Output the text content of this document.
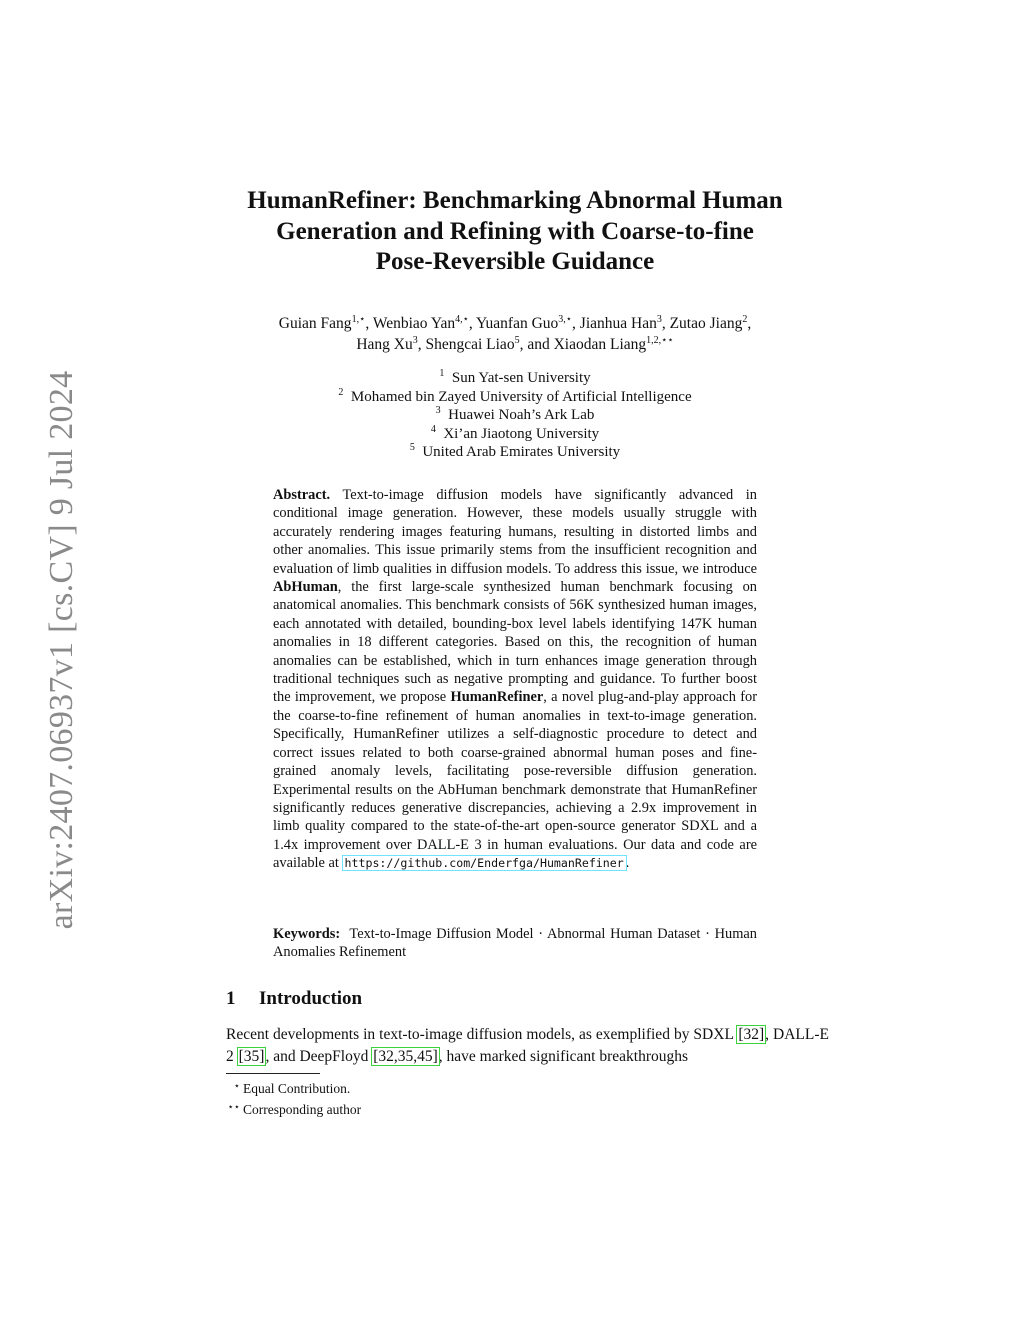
arXiv:2407.06937v1 [cs.CV] 9 Jul 2024
HumanRefiner: Benchmarking Abnormal Human
Generation and Refining with Coarse-to-fine
Pose-Reversible Guidance
Guian Fang$^{1,⋆}$, Wenbiao Yan$^{4,⋆}$, Yuanfan Guo$^{3,⋆}$, Jianhua Han$^3$, Zutao Jiang$^2$,
Hang Xu$^3$, Shengcai Liao$^5$, and Xiaodan Liang$^{1,2,⋆⋆}$
$^1$ Sun Yat-sen University
$^2$ Mohamed bin Zayed University of Artificial Intelligence
$^3$ Huawei Noah’s Ark Lab
$^4$ Xi’an Jiaotong University
$^5$ United Arab Emirates University
Abstract. Text-to-image diffusion models have significantly advanced in conditional image generation. However, these models usually struggle with accurately rendering images featuring humans, resulting in distorted limbs and other anomalies. This issue primarily stems from the insufficient recognition and evaluation of limb qualities in diffusion models. To address this issue, we introduce AbHuman, the first large-scale synthesized human benchmark focusing on anatomical anomalies. This benchmark consists of 56K synthesized human images, each annotated with detailed, bounding-box level labels identifying 147K human anomalies in 18 different categories. Based on this, the recognition of human anomalies can be established, which in turn enhances image generation through traditional techniques such as negative prompting and guidance. To further boost the improvement, we propose HumanRefiner, a novel plug-and-play approach for the coarse-to-fine refinement of human anomalies in text-to-image generation. Specifically, HumanRefiner utilizes a self-diagnostic procedure to detect and correct issues related to both coarse-grained abnormal human poses and fine-grained anomaly levels, facilitating pose-reversible diffusion generation. Experimental results on the AbHuman benchmark demonstrate that HumanRefiner significantly reduces generative discrepancies, achieving a 2.9x improvement in limb quality compared to the state-of-the-art open-source generator SDXL and a 1.4x improvement over DALL-E 3 in human evaluations. Our data and code are available at https://github.com/Enderfga/HumanRefiner .
Keywords: Text-to-Image Diffusion Model · Abnormal Human Dataset · Human Anomalies Refinement
1 Introduction
Recent developments in text-to-image diffusion models, as exemplified by SDXL [32], DALL-E 2 [35], and DeepFloyd [32,35,45], have marked significant breakthroughs
⋆ Equal Contribution.
⋆⋆ Corresponding author
